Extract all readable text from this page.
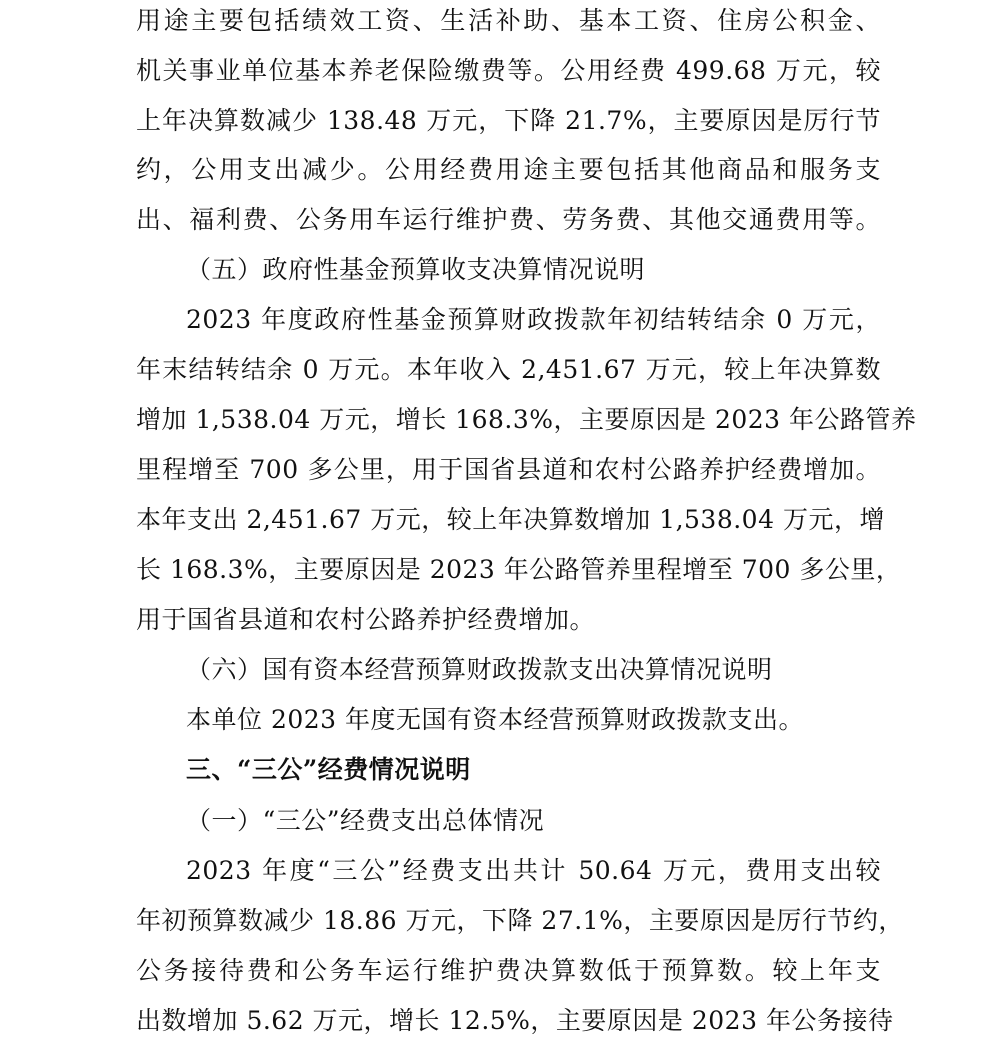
用途主要包括绩效工资、生活补助、基本工资、住房公积金、
机关事业单位基本养老保险缴费等。公用经费 499.68 万元，较
上年决算数减少 138.48 万元，下降 21.7%，主要原因是厉行节
约，公用支出减少。公用经费用途主要包括其他商品和服务支
出、福利费、公务用车运行维护费、劳务费、其他交通费用等。
（五）政府性基金预算收支决算情况说明
2023 年度政府性基金预算财政拨款年初结转结余 0 万元，
年末结转结余 0 万元。本年收入 2,451.67 万元，较上年决算数
增加 1,538.04 万元，增长 168.3%，主要原因是 2023 年公路管养
里程增至 700 多公里，用于国省县道和农村公路养护经费增加。
本年支出 2,451.67 万元，较上年决算数增加 1,538.04 万元，增
长 168.3%，主要原因是 2023 年公路管养里程增至 700 多公里，
用于国省县道和农村公路养护经费增加。
（六）国有资本经营预算财政拨款支出决算情况说明
本单位 2023 年度无国有资本经营预算财政拨款支出。
三、“三公”经费情况说明
（一）“三公”经费支出总体情况
2023 年度“三公”经费支出共计 50.64 万元，费用支出较
年初预算数减少 18.86 万元，下降 27.1%，主要原因是厉行节约，
公务接待费和公务车运行维护费决算数低于预算数。较上年支
出数增加 5.62 万元，增长 12.5%，主要原因是 2023 年公务接待
